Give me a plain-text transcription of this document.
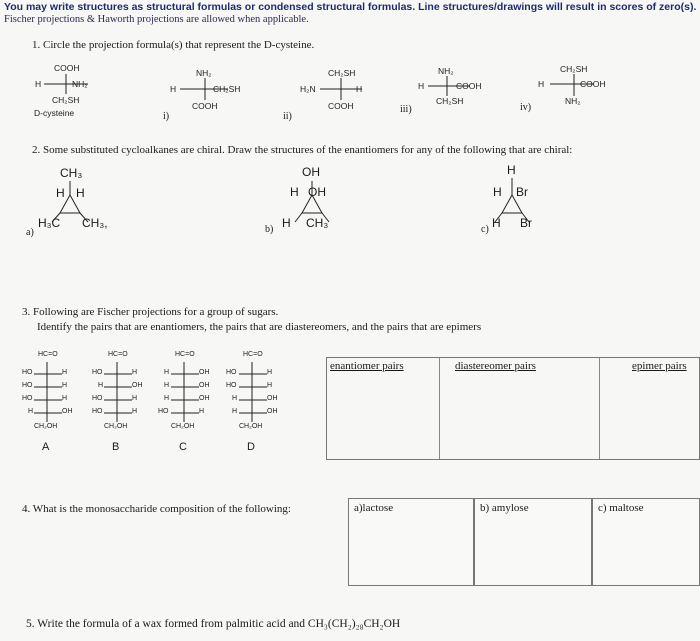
You may write structures as structural formulas or condensed structural formulas. Line structures/drawings will result in scores of zero(s).
Fischer projections & Haworth projections are allowed when applicable.
1. Circle the projection formula(s) that represent the D-cysteine.
COOH
H	NH₂
CH₂SH
D-cysteine
NH₂
H	CH₂SH
COOH
i)
CH₂SH
H₂N	H
COOH
ii)
NH₂
H	COOH
CH₂SH
iii)
CH₂SH
H	COOH
NH₂
iv)
2. Some substituted cycloalkanes are chiral. Draw the structures of the enantiomers for any of the following that are chiral:
CH₃
H H
H₃C CH₃,
a)
OH
H OH
H CH₃
b)
H
H Br
H Br
c)
3. Following are Fischer projections for a group of sugars.
Identify the pairs that are enantiomers, the pairs that are diastereomers, and the pairs that are epimers
HC=O
HO	H
HO	H
HO	H
H	OH
CH₂OH
A
HC=O
HO	H
H	OH
HO	H
HO	H
CH₂OH
B
HC=O
H	OH
H	OH
H	OH
HO	H
CH₂OH
C
HC=O
HO	H
HO	H
H	OH
H	OH
CH₂OH
D
enantiomer pairs	diastereomer pairs	epimer pairs
4. What is the monosaccharide composition of the following:	a)lactose	b) amylose	c) maltose
5. Write the formula of a wax formed from palmitic acid and CH₃(CH₂)₂₈CH₂OH
